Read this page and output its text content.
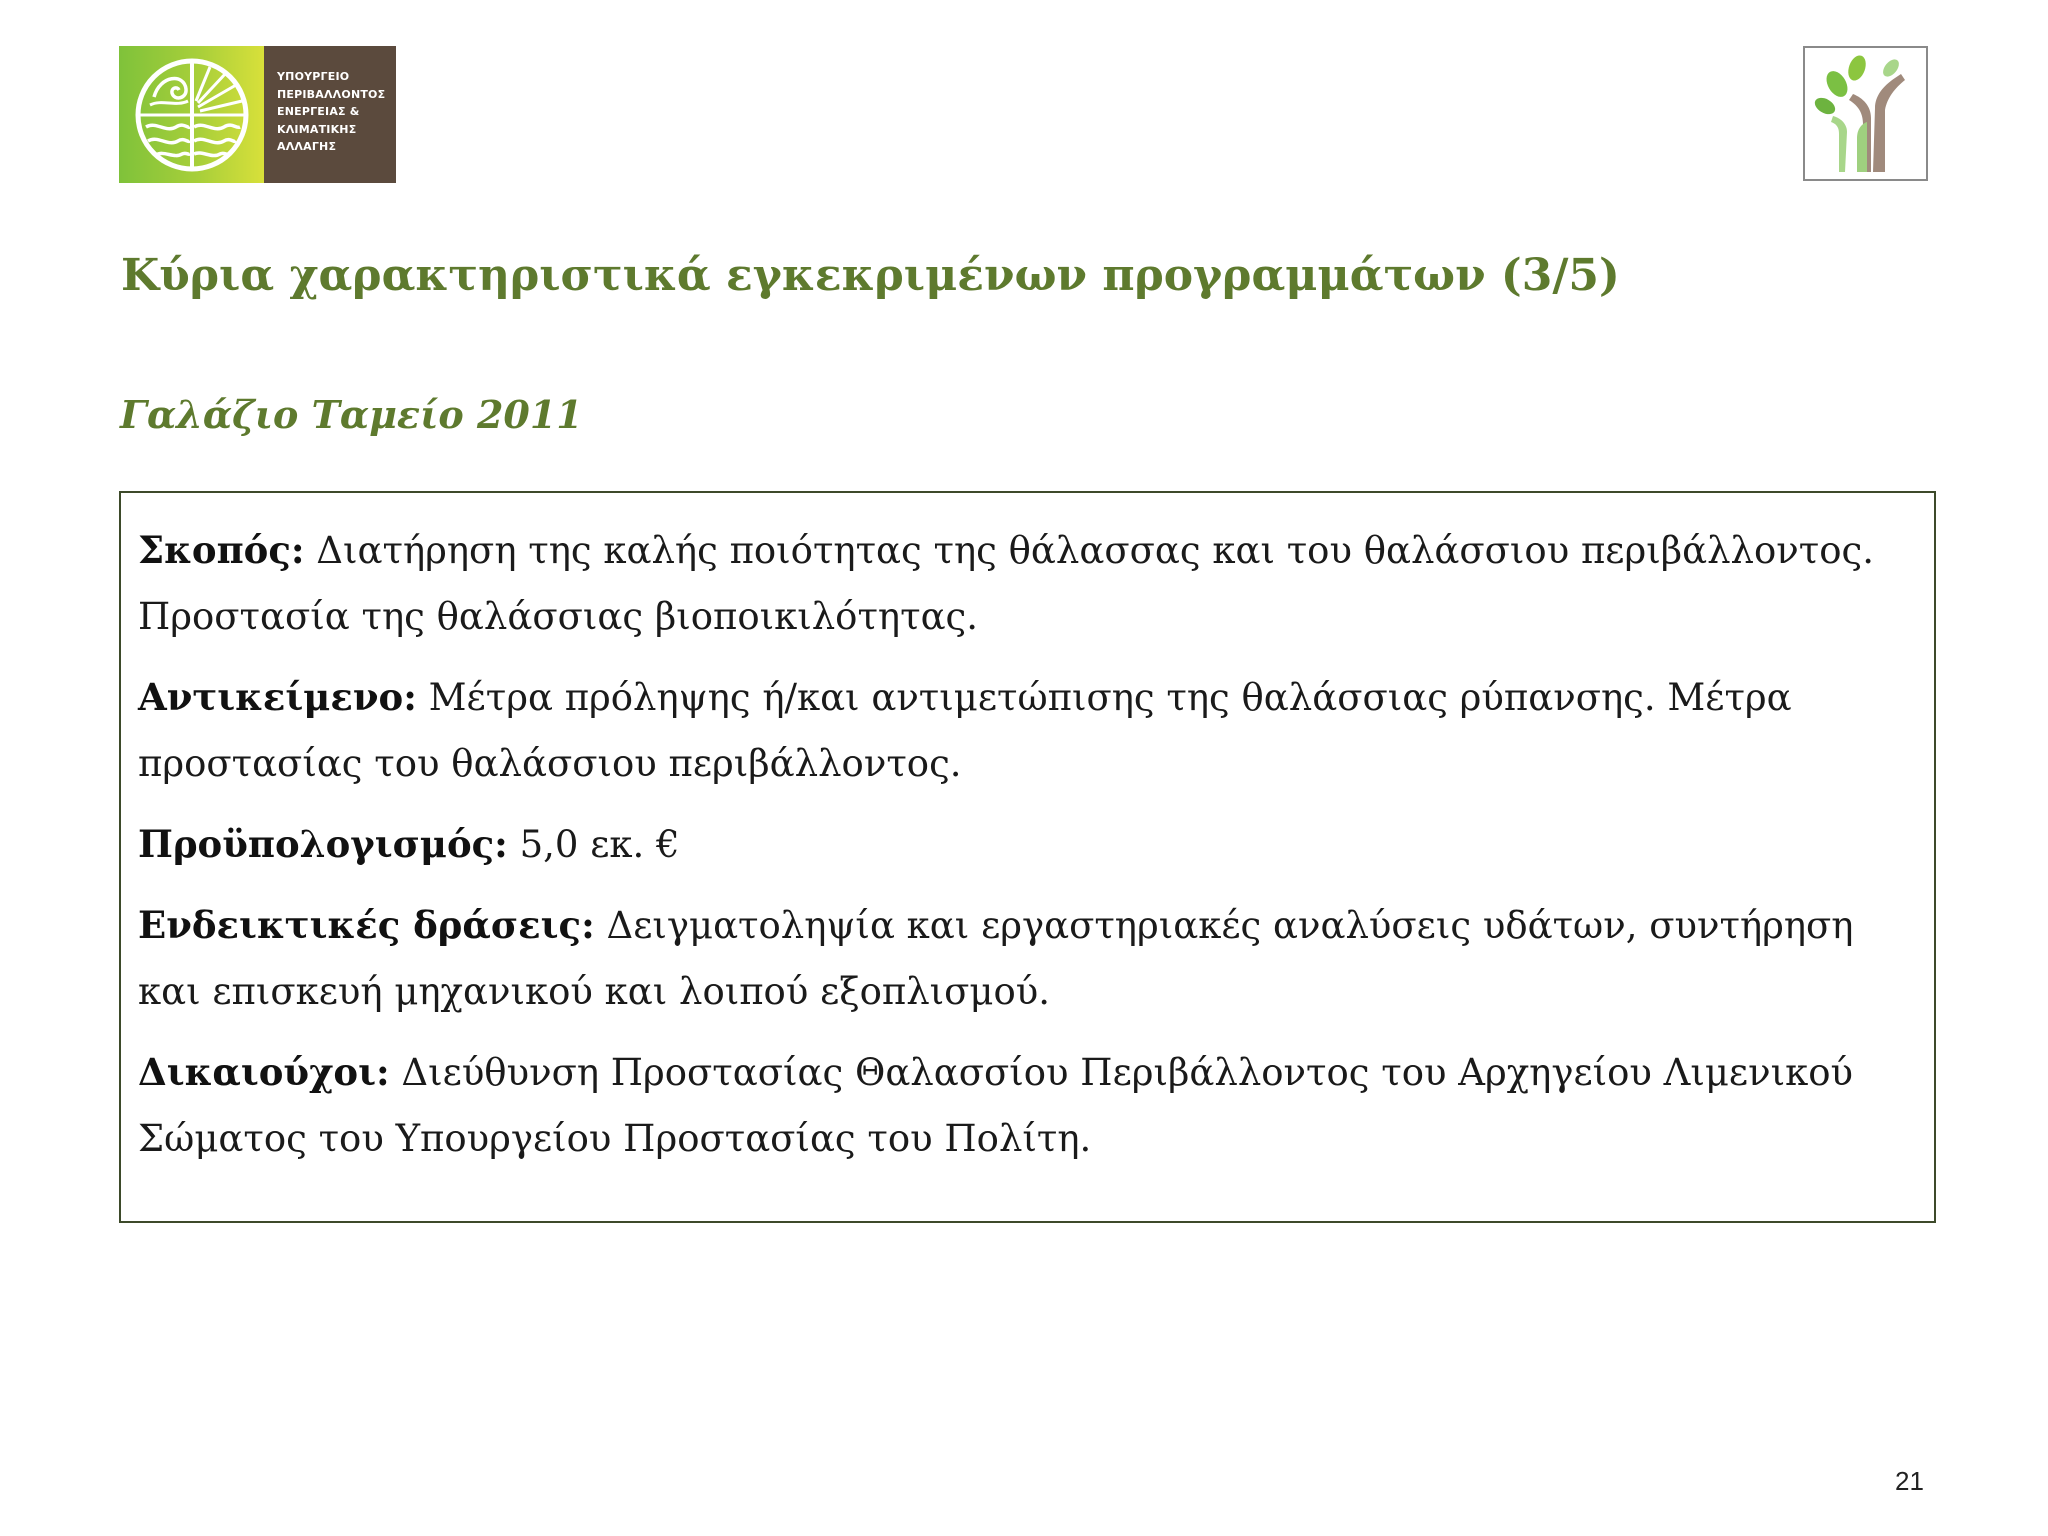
ΥΠΟΥΡΓΕΙΟ
ΠΕΡΙΒΑΛΛΟΝΤΟΣ
ΕΝΕΡΓΕΙΑΣ &
ΚΛΙΜΑΤΙΚΗΣ
ΑΛΛΑΓΗΣ
Κύρια χαρακτηριστικά εγκεκριμένων προγραμμάτων (3/5)
Γαλάζιο Ταμείο 2011

Σκοπός: Διατήρηση της καλής ποιότητας της θάλασσας και του θαλάσσιου περιβάλλοντος. Προστασία της θαλάσσιας βιοποικιλότητας.

Αντικείμενο: Μέτρα πρόληψης ή/και αντιμετώπισης της θαλάσσιας ρύπανσης. Μέτρα προστασίας του θαλάσσιου περιβάλλοντος.

Προϋπολογισμός: 5,0 εκ. €

Ενδεικτικές δράσεις: Δειγματοληψία και εργαστηριακές αναλύσεις υδάτων, συντήρηση και επισκευή μηχανικού και λοιπού εξοπλισμού.

Δικαιούχοι: Διεύθυνση Προστασίας Θαλασσίου Περιβάλλοντος του Αρχηγείου Λιμενικού Σώματος του Υπουργείου Προστασίας του Πολίτη.

21
